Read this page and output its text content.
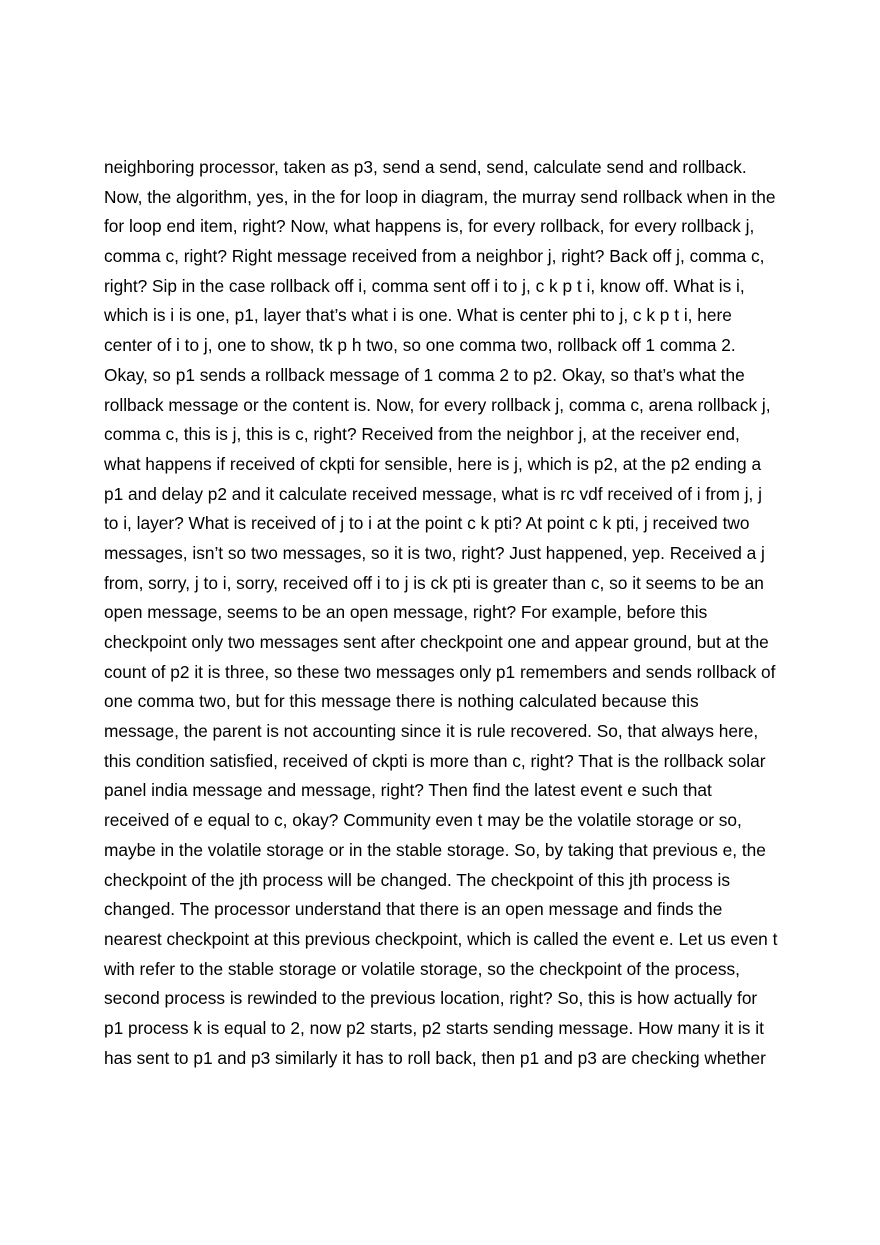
neighboring processor, taken as p3, send a send, send, calculate send and rollback.
Now, the algorithm, yes, in the for loop in diagram, the murray send rollback when in the
for loop end item, right? Now, what happens is, for every rollback, for every rollback j,
comma c, right? Right message received from a neighbor j, right? Back off j, comma c,
right? Sip in the case rollback off i, comma sent off i to j, c k p t i, know off. What is i,
which is i is one, p1, layer that’s what i is one. What is center phi to j, c k p t i, here
center of i to j, one to show, tk p h two, so one comma two, rollback off 1 comma 2.
Okay, so p1 sends a rollback message of 1 comma 2 to p2. Okay, so that’s what the
rollback message or the content is. Now, for every rollback j, comma c, arena rollback j,
comma c, this is j, this is c, right? Received from the neighbor j, at the receiver end,
what happens if received of ckpti for sensible, here is j, which is p2, at the p2 ending a
p1 and delay p2 and it calculate received message, what is rc vdf received of i from j, j
to i, layer? What is received of j to i at the point c k pti? At point c k pti, j received two
messages, isn’t so two messages, so it is two, right? Just happened, yep. Received a j
from, sorry, j to i, sorry, received off i to j is ck pti is greater than c, so it seems to be an
open message, seems to be an open message, right? For example, before this
checkpoint only two messages sent after checkpoint one and appear ground, but at the
count of p2 it is three, so these two messages only p1 remembers and sends rollback of
one comma two, but for this message there is nothing calculated because this
message, the parent is not accounting since it is rule recovered. So, that always here,
this condition satisfied, received of ckpti is more than c, right? That is the rollback solar
panel india message and message, right? Then find the latest event e such that
received of e equal to c, okay? Community even t may be the volatile storage or so,
maybe in the volatile storage or in the stable storage. So, by taking that previous e, the
checkpoint of the jth process will be changed. The checkpoint of this jth process is
changed. The processor understand that there is an open message and finds the
nearest checkpoint at this previous checkpoint, which is called the event e. Let us even t
with refer to the stable storage or volatile storage, so the checkpoint of the process,
second process is rewinded to the previous location, right? So, this is how actually for
p1 process k is equal to 2, now p2 starts, p2 starts sending message. How many it is it
has sent to p1 and p3 similarly it has to roll back, then p1 and p3 are checking whether
